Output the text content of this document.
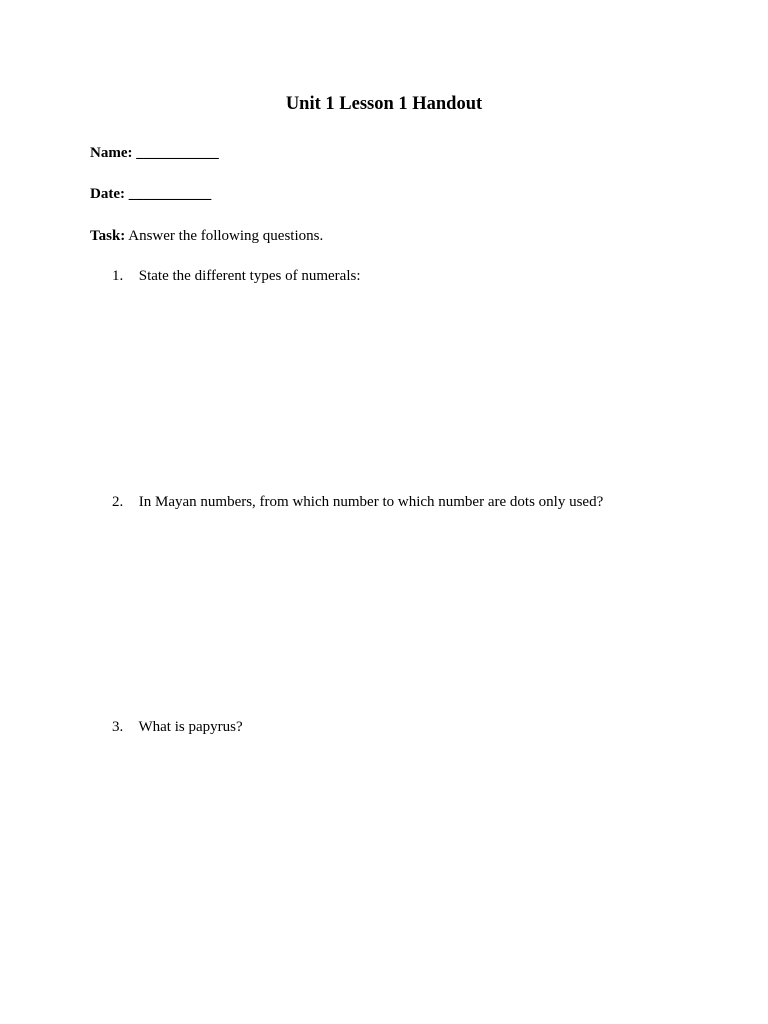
Unit 1 Lesson 1 Handout
Name: ___________
Date: ___________
Task: Answer the following questions.
1. State the different types of numerals:
2. In Mayan numbers, from which number to which number are dots only used?
3. What is papyrus?
